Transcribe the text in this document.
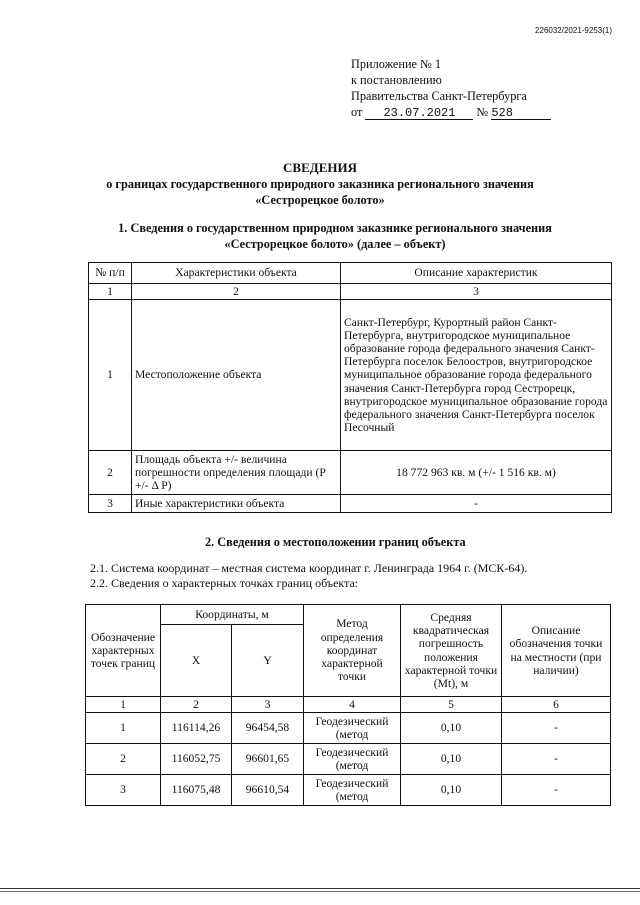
226032/2021-9253(1)
Приложение № 1
к постановлению
Правительства Санкт-Петербурга
от 23.07.2021 № 528
СВЕДЕНИЯ
о границах государственного природного заказника регионального значения
«Сестрорецкое болото»
1. Сведения о государственном природном заказнике регионального значения
«Сестрорецкое болото» (далее – объект)
№ п/п	Характеристики объекта	Описание характеристик
1	2	3
1	Местоположение объекта	Санкт-Петербург, Курортный район Санкт-Петербурга, внутригородское муниципальное образование города федерального значения Санкт-Петербурга поселок Белоостров, внутригородское муниципальное образование города федерального значения Санкт-Петербурга город Сестрорецк, внутригородское муниципальное образование города федерального значения Санкт-Петербурга поселок Песочный
2	Площадь объекта +/- величина погрешности определения площади (P +/- Δ P)	18 772 963 кв. м (+/- 1 516 кв. м)
3	Иные характеристики объекта	-
2. Сведения о местоположении границ объекта
2.1. Система координат – местная система координат г. Ленинграда 1964 г. (МСК-64).
2.2. Сведения о характерных точках границ объекта:
Обозначение характерных точек границ	Координаты, м		Метод определения координат характерной точки	Средняя квадратическая погрешность положения характерной точки (Mt), м	Описание обозначения точки на местности (при наличии)
	X	Y			
1	2	3	4	5	6
1	116114,26	96454,58	Геодезический (метод	0,10	-
2	116052,75	96601,65	Геодезический (метод	0,10	-
3	116075,48	96610,54	Геодезический (метод	0,10	-
